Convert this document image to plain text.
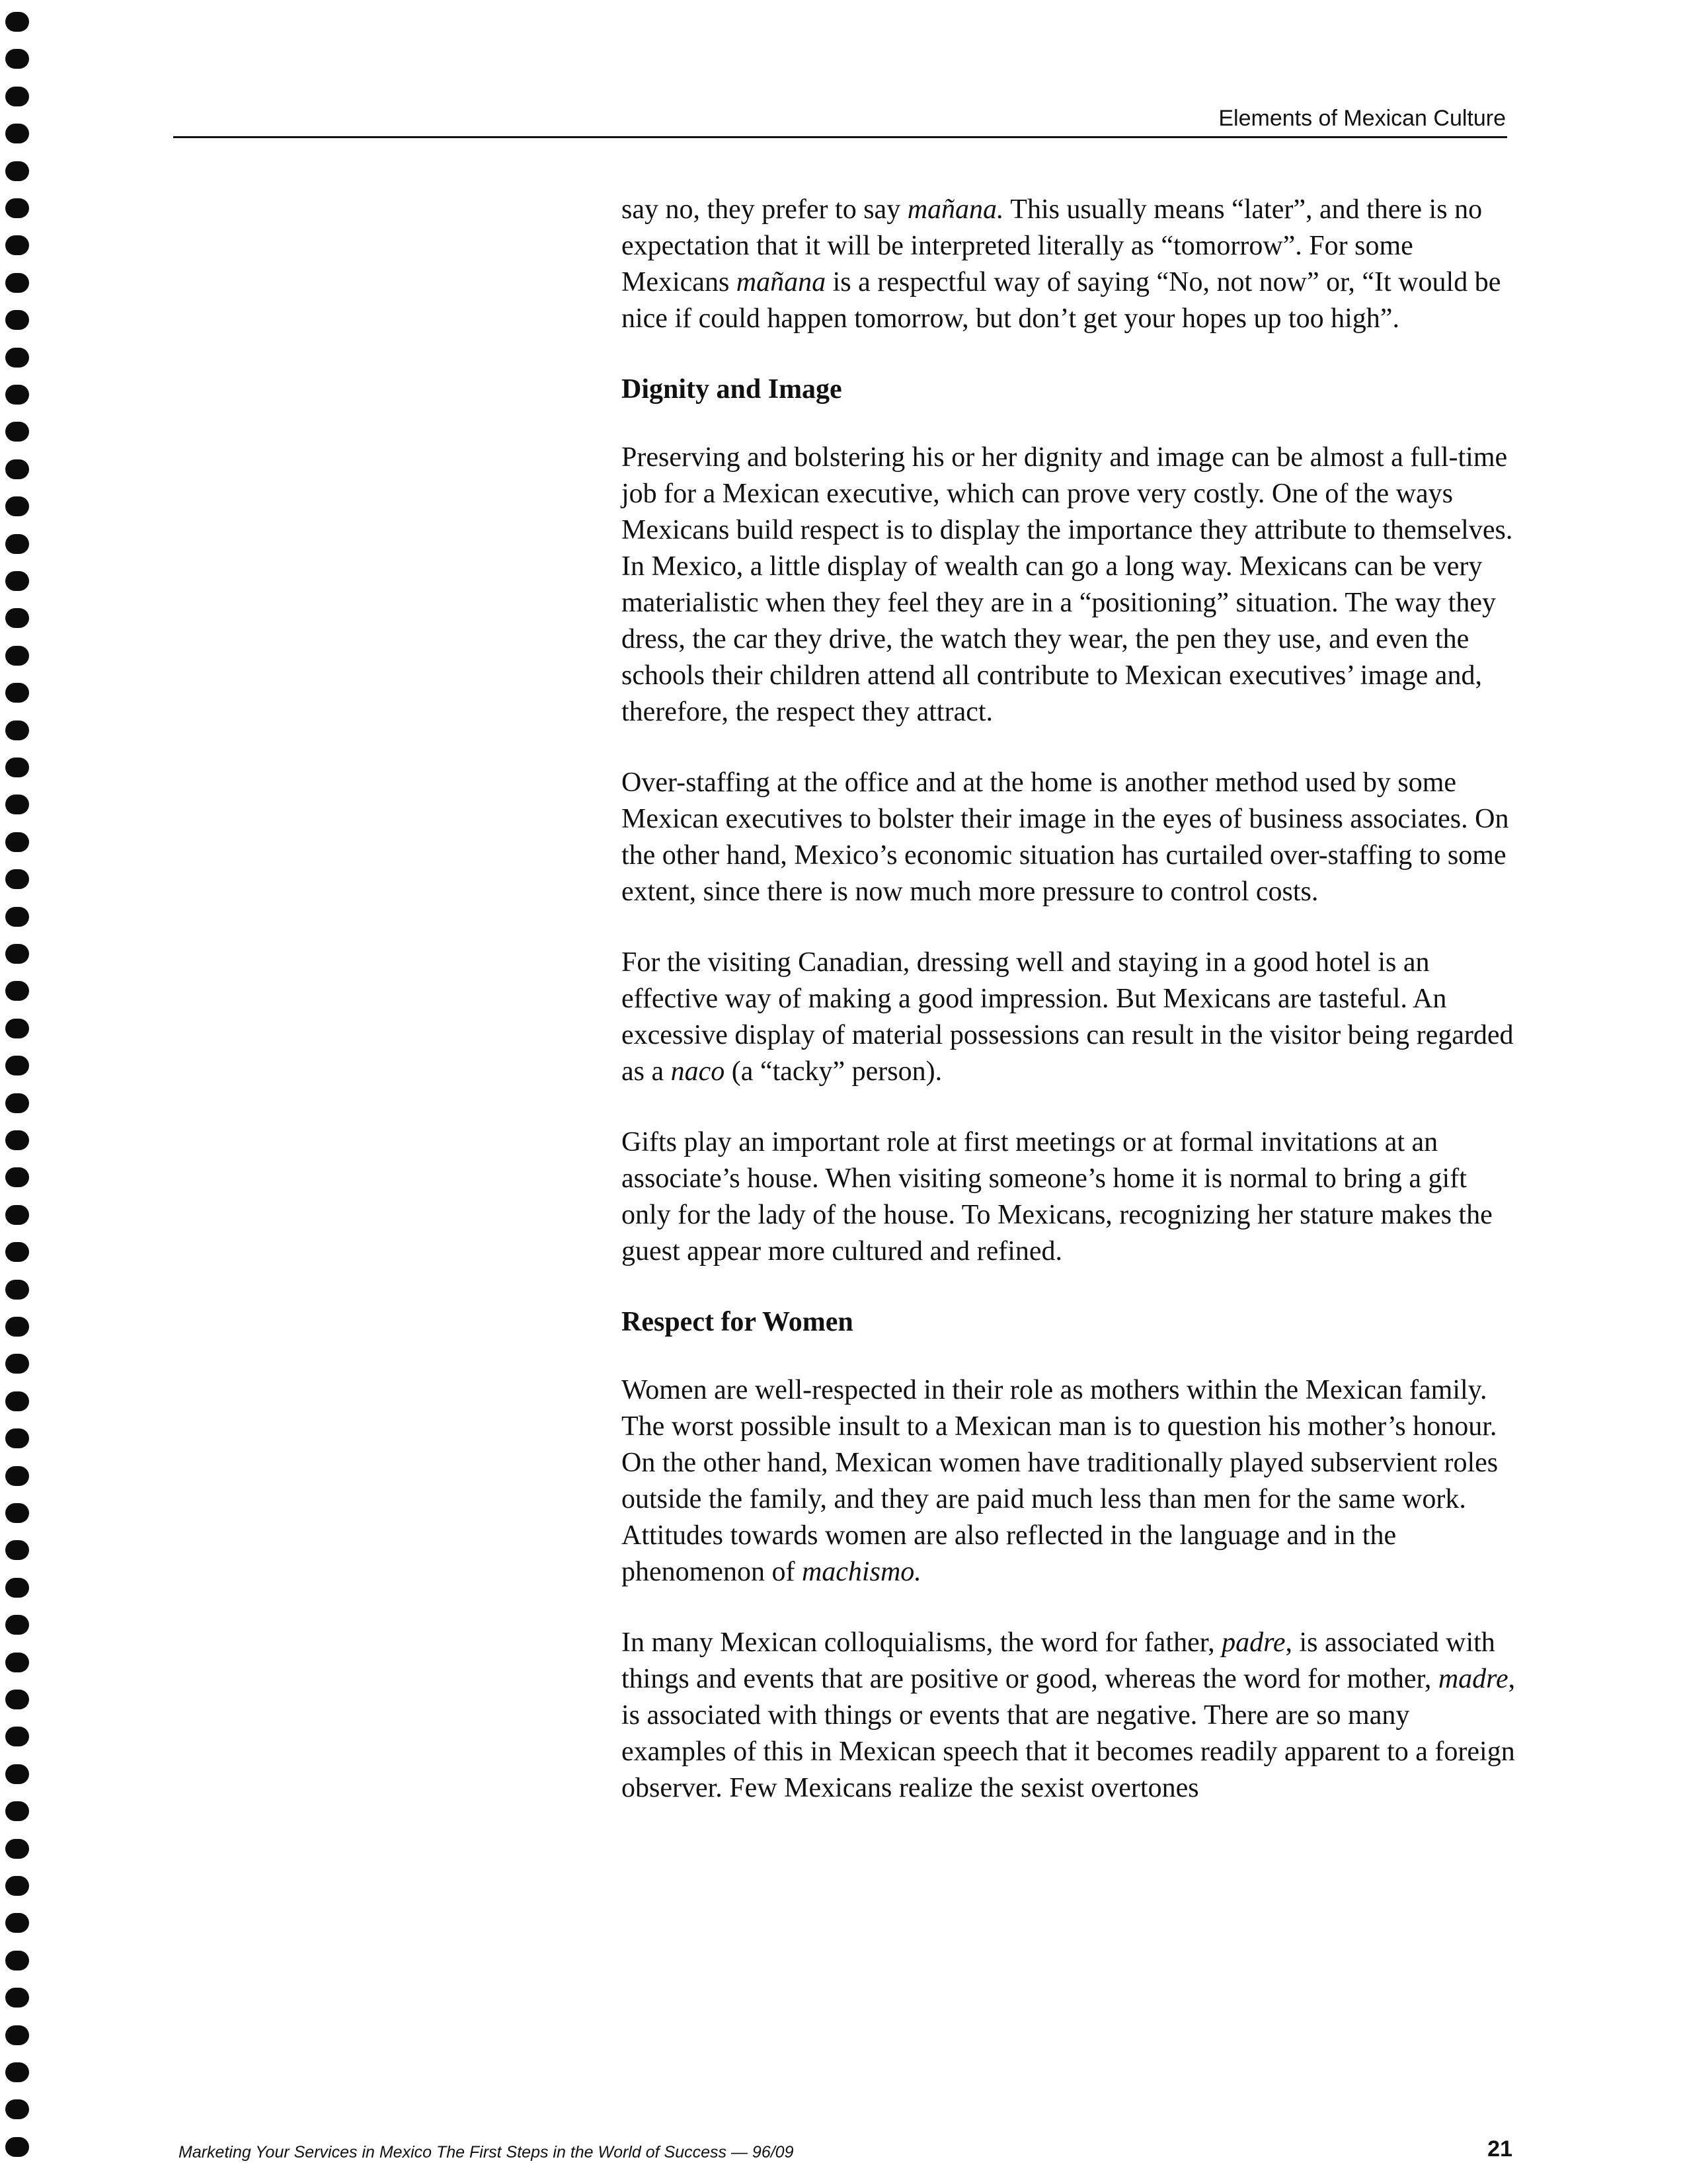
Elements of Mexican Culture

say no, they prefer to say mañana. This usually means “later”, and there is no expectation that it will be interpreted literally as “tomorrow”. For some Mexicans mañana is a respectful way of saying “No, not now” or, “It would be nice if could happen tomorrow, but don’t get your hopes up too high”.

Dignity and Image

Preserving and bolstering his or her dignity and image can be almost a full-time job for a Mexican executive, which can prove very costly. One of the ways Mexicans build respect is to display the importance they attribute to themselves. In Mexico, a little display of wealth can go a long way. Mexicans can be very materialistic when they feel they are in a “positioning” situation. The way they dress, the car they drive, the watch they wear, the pen they use, and even the schools their children attend all contribute to Mexican executives’ image and, therefore, the respect they attract.

Over-staffing at the office and at the home is another method used by some Mexican executives to bolster their image in the eyes of business associates. On the other hand, Mexico’s economic situation has curtailed over-staffing to some extent, since there is now much more pressure to control costs.

For the visiting Canadian, dressing well and staying in a good hotel is an effective way of making a good impression. But Mexicans are tasteful. An excessive display of material possessions can result in the visitor being regarded as a naco (a “tacky” person).

Gifts play an important role at first meetings or at formal invitations at an associate’s house. When visiting someone’s home it is normal to bring a gift only for the lady of the house. To Mexicans, recognizing her stature makes the guest appear more cultured and refined.

Respect for Women

Women are well-respected in their role as mothers within the Mexican family. The worst possible insult to a Mexican man is to question his mother’s honour. On the other hand, Mexican women have traditionally played subservient roles outside the family, and they are paid much less than men for the same work. Attitudes towards women are also reflected in the language and in the phenomenon of machismo.

In many Mexican colloquialisms, the word for father, padre, is associated with things and events that are positive or good, whereas the word for mother, madre, is associated with things or events that are negative. There are so many examples of this in Mexican speech that it becomes readily apparent to a foreign observer. Few Mexicans realize the sexist overtones

Marketing Your Services in Mexico The First Steps in the World of Success — 96/09	21
